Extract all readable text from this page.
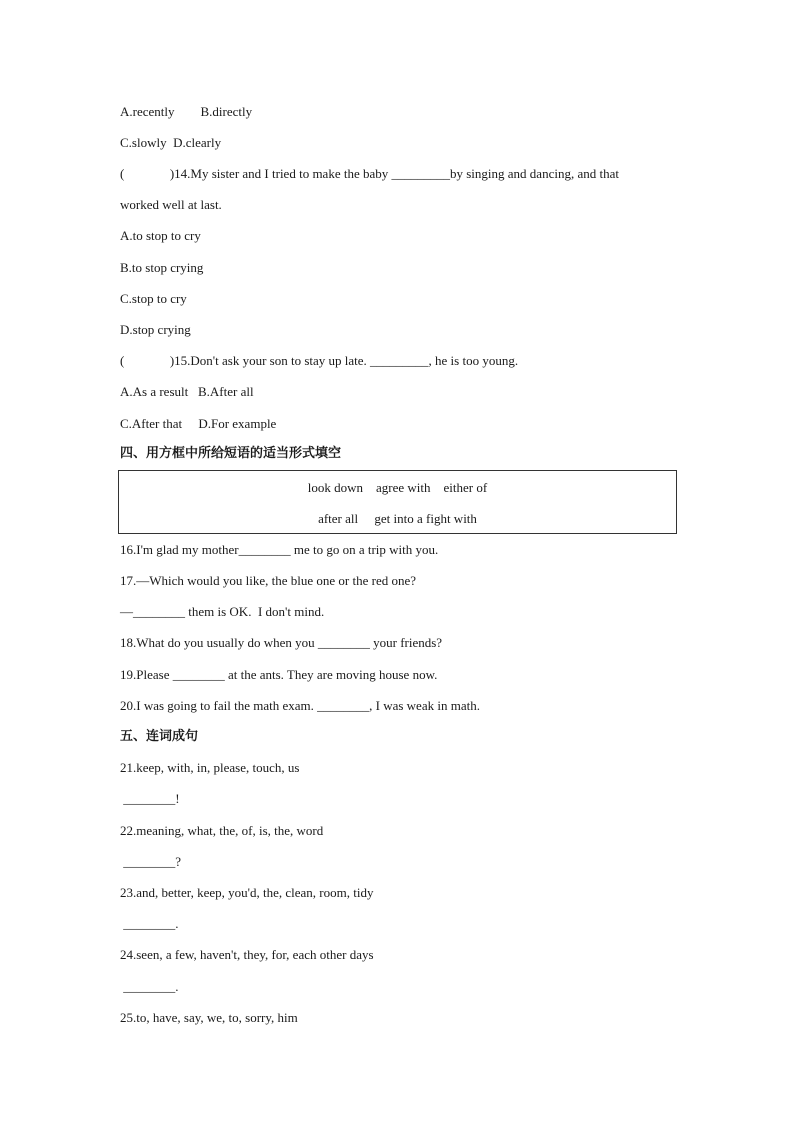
A.recently        B.directly
C.slowly  D.clearly
(              )14.My sister and I tried to make the baby _________by singing and dancing, and that
worked well at last.
A.to stop to cry
B.to stop crying
C.stop to cry
D.stop crying
(              )15.Don't ask your son to stay up late. _________, he is too young.
A.As a result   B.After all
C.After that     D.For example
四、用方框中所给短语的适当形式填空
look down    agree with    either of
after all     get into a fight with
16.I'm glad my mother________ me to go on a trip with you.
17.—Which would you like, the blue one or the red one?
—________ them is OK.  I don't mind.
18.What do you usually do when you ________ your friends?
19.Please ________ at the ants. They are moving house now.
20.I was going to fail the math exam. ________, I was weak in math.
五、连词成句
21.keep, with, in, please, touch, us
________!
22.meaning, what, the, of, is, the, word
________?
23.and, better, keep, you'd, the, clean, room, tidy
________.
24.seen, a few, haven't, they, for, each other days
________.
25.to, have, say, we, to, sorry, him
